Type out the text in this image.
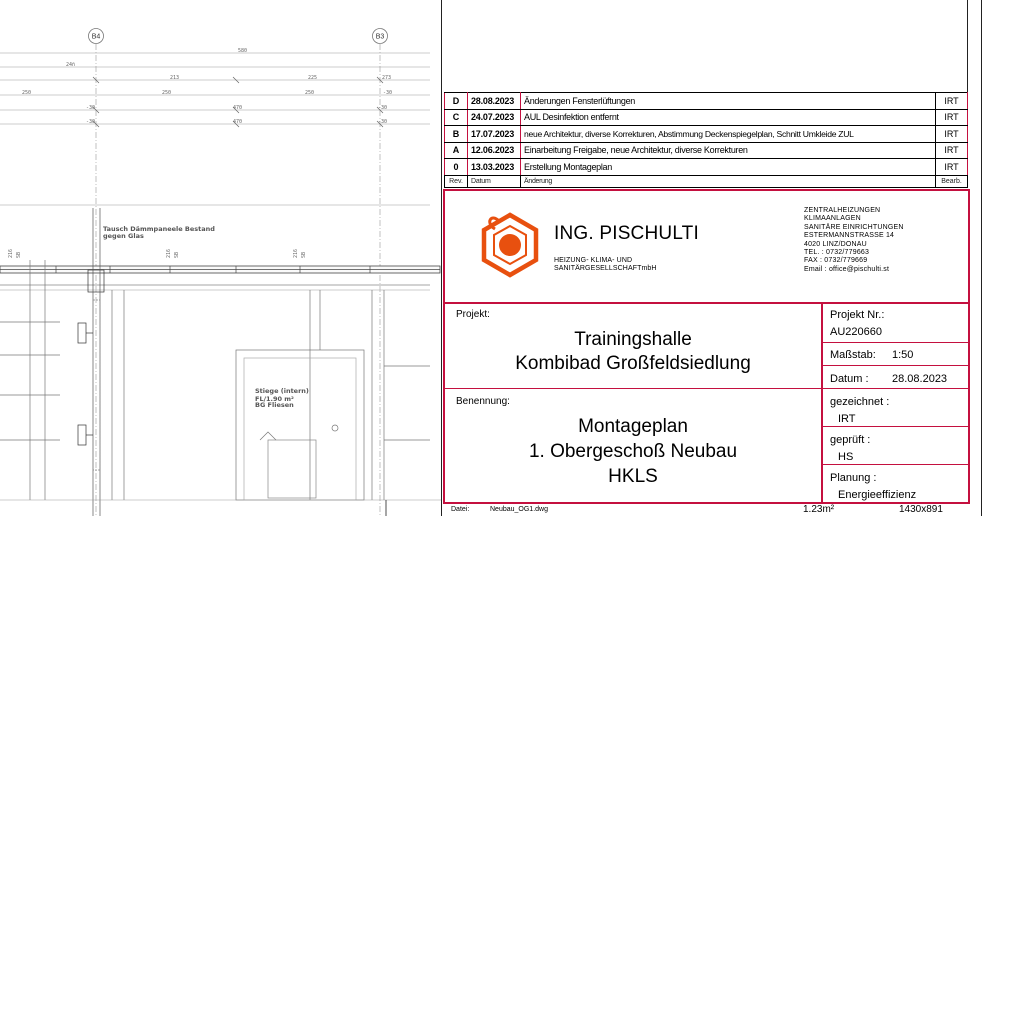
B4	B3
580
24ñ
213	225	273
250	250	250	-30
-30	470	-30
-30	470	-30
216 SB	216 SB	216 SB
Tausch Dämmpaneele Bestand
gegen Glas
Stiege (intern)
FL/1.90 m²
BG Fliesen
D	28.08.2023	Änderungen Fensterlüftungen	IRT
C	24.07.2023	AUL Desinfektion entfernt	IRT
B	17.07.2023	neue Architektur, diverse Korrekturen, Abstimmung Deckenspiegelplan, Schnitt Umkleide ZUL	IRT
A	12.06.2023	Einarbeitung Freigabe, neue Architektur, diverse Korrekturen	IRT
0	13.03.2023	Erstellung Montageplan	IRT
Rev.	Datum	Änderung	Bearb.
ING. PISCHULTI
HEIZUNG- KLIMA- UND
SANITÄRGESELLSCHAFTmbH
ZENTRALHEIZUNGEN
KLIMAANLAGEN
SANITÄRE EINRICHTUNGEN
ESTERMANNSTRASSE 14
4020 LINZ/DONAU
TEL. : 0732/779663
FAX : 0732/779669
Email : office@pischulti.st
Projekt:
Trainingshalle
Kombibad Großfeldsiedlung
Projekt Nr.:
AU220660
Maßstab: 1:50
Datum : 28.08.2023
Benennung:
Montageplan
1. Obergeschoß Neubau
HKLS
gezeichnet :
IRT
geprüft :
HS
Planung :
Energieeffizienz
Datei:	Neubau_OG1.dwg	1.23m²	1430x891
